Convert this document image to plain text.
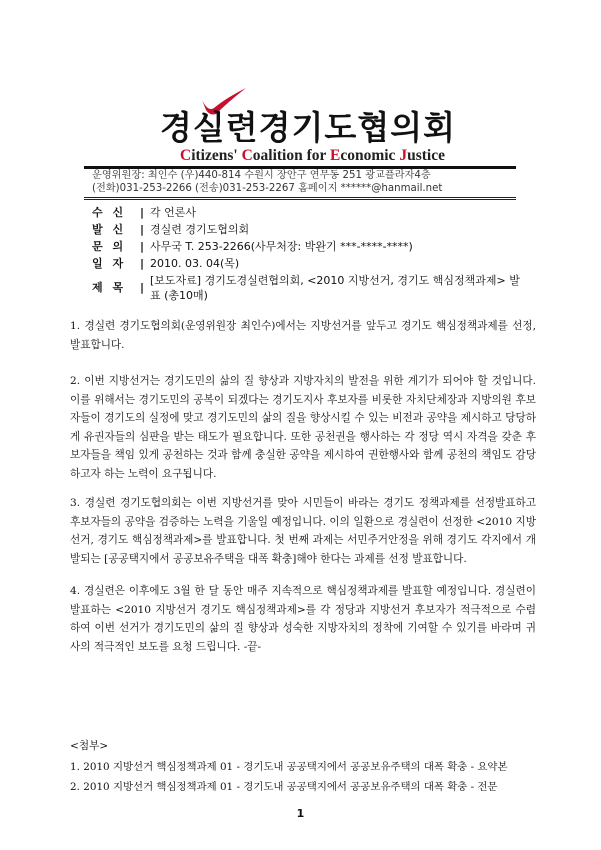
경실련경기도협의회
Citizens' Coalition for Economic Justice
운영위원장: 최인수 (우)440-814 수원시 장안구 연무동 251 광교플라자4층
(전화)031-253-2266 (전송)031-253-2267 홈페이지 ******@hanmail.net
수 신	| 각 언론사
발 신	| 경실련 경기도협의회
문 의	| 사무국 T. 253-2266(사무처장: 박완기 ***-****-****)
일 자	| 2010. 03. 04(목)
제 목	|
[보도자료] 경기도경실련협의회, <2010 지방선거, 경기도 핵심정책과제> 발표 (총10매)
1. 경실련 경기도협의회(운영위원장 최인수)에서는 지방선거를 앞두고 경기도 핵심정책과제를 선정, 발표합니다.
2. 이번 지방선거는 경기도민의 삶의 질 향상과 지방자치의 발전을 위한 계기가 되어야 할 것입니다. 이를 위해서는 경기도민의 공복이 되겠다는 경기도지사 후보자를 비롯한 자치단체장과 지방의원 후보자들이 경기도의 실정에 맞고 경기도민의 삶의 질을 향상시킬 수 있는 비전과 공약을 제시하고 당당하게 유권자들의 심판을 받는 태도가 필요합니다. 또한 공천권을 행사하는 각 정당 역시 자격을 갖춘 후보자들을 책임 있게 공천하는 것과 함께 충실한 공약을 제시하여 권한행사와 함께 공천의 책임도 감당하고자 하는 노력이 요구됩니다.
3. 경실련 경기도협의회는 이번 지방선거를 맞아 시민들이 바라는 경기도 정책과제를 선정발표하고 후보자들의 공약을 검증하는 노력을 기울일 예정입니다. 이의 일환으로 경실련이 선정한 <2010 지방선거, 경기도 핵심정책과제>를 발표합니다. 첫 번째 과제는 서민주거안정을 위해 경기도 각지에서 개발되는 [공공택지에서 공공보유주택을 대폭 확충]해야 한다는 과제를 선정 발표합니다.
4. 경실련은 이후에도 3월 한 달 동안 매주 지속적으로 핵심정책과제를 발표할 예정입니다. 경실련이 발표하는 <2010 지방선거 경기도 핵심정책과제>를 각 정당과 지방선거 후보자가 적극적으로 수렴하여 이번 선거가 경기도민의 삶의 질 향상과 성숙한 지방자치의 정착에 기여할 수 있기를 바라며 귀사의 적극적인 보도를 요청 드립니다. -끝-
<첨부>
1. 2010 지방선거 핵심정책과제 01 - 경기도내 공공택지에서 공공보유주택의 대폭 확충 - 요약본
2. 2010 지방선거 핵심정책과제 01 - 경기도내 공공택지에서 공공보유주택의 대폭 확충 - 전문
1
